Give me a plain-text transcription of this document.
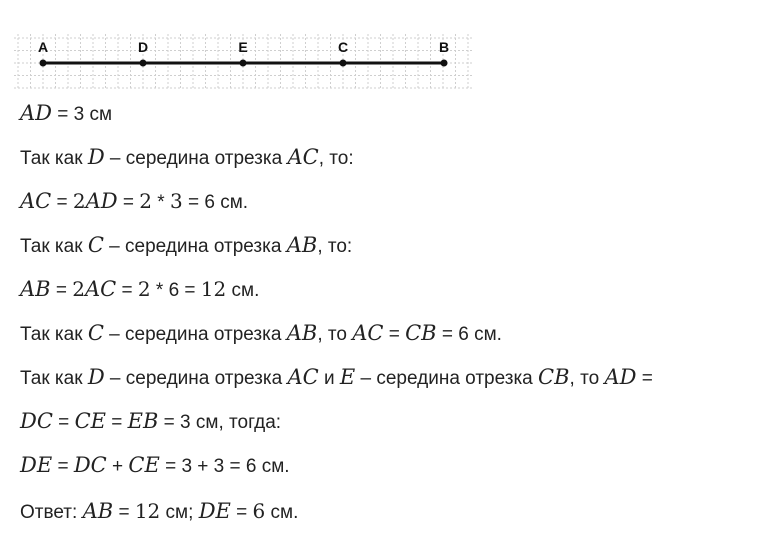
A	D	E	C	B
AD = 3 см
Так как D – середина отрезка AC, то:
AC = 2AD = 2 * 3 = 6 см.
Так как C – середина отрезка AB, то:
AB = 2AC = 2 * 6 = 12 см.
Так как C – середина отрезка AB, то AC = CB = 6 см.
Так как D – середина отрезка AC и E – середина отрезка CB, то AD =
DC = CE = EB = 3 см, тогда:
DE = DC + CE = 3 + 3 = 6 см.
Ответ: AB = 12 см; DE = 6 см.
